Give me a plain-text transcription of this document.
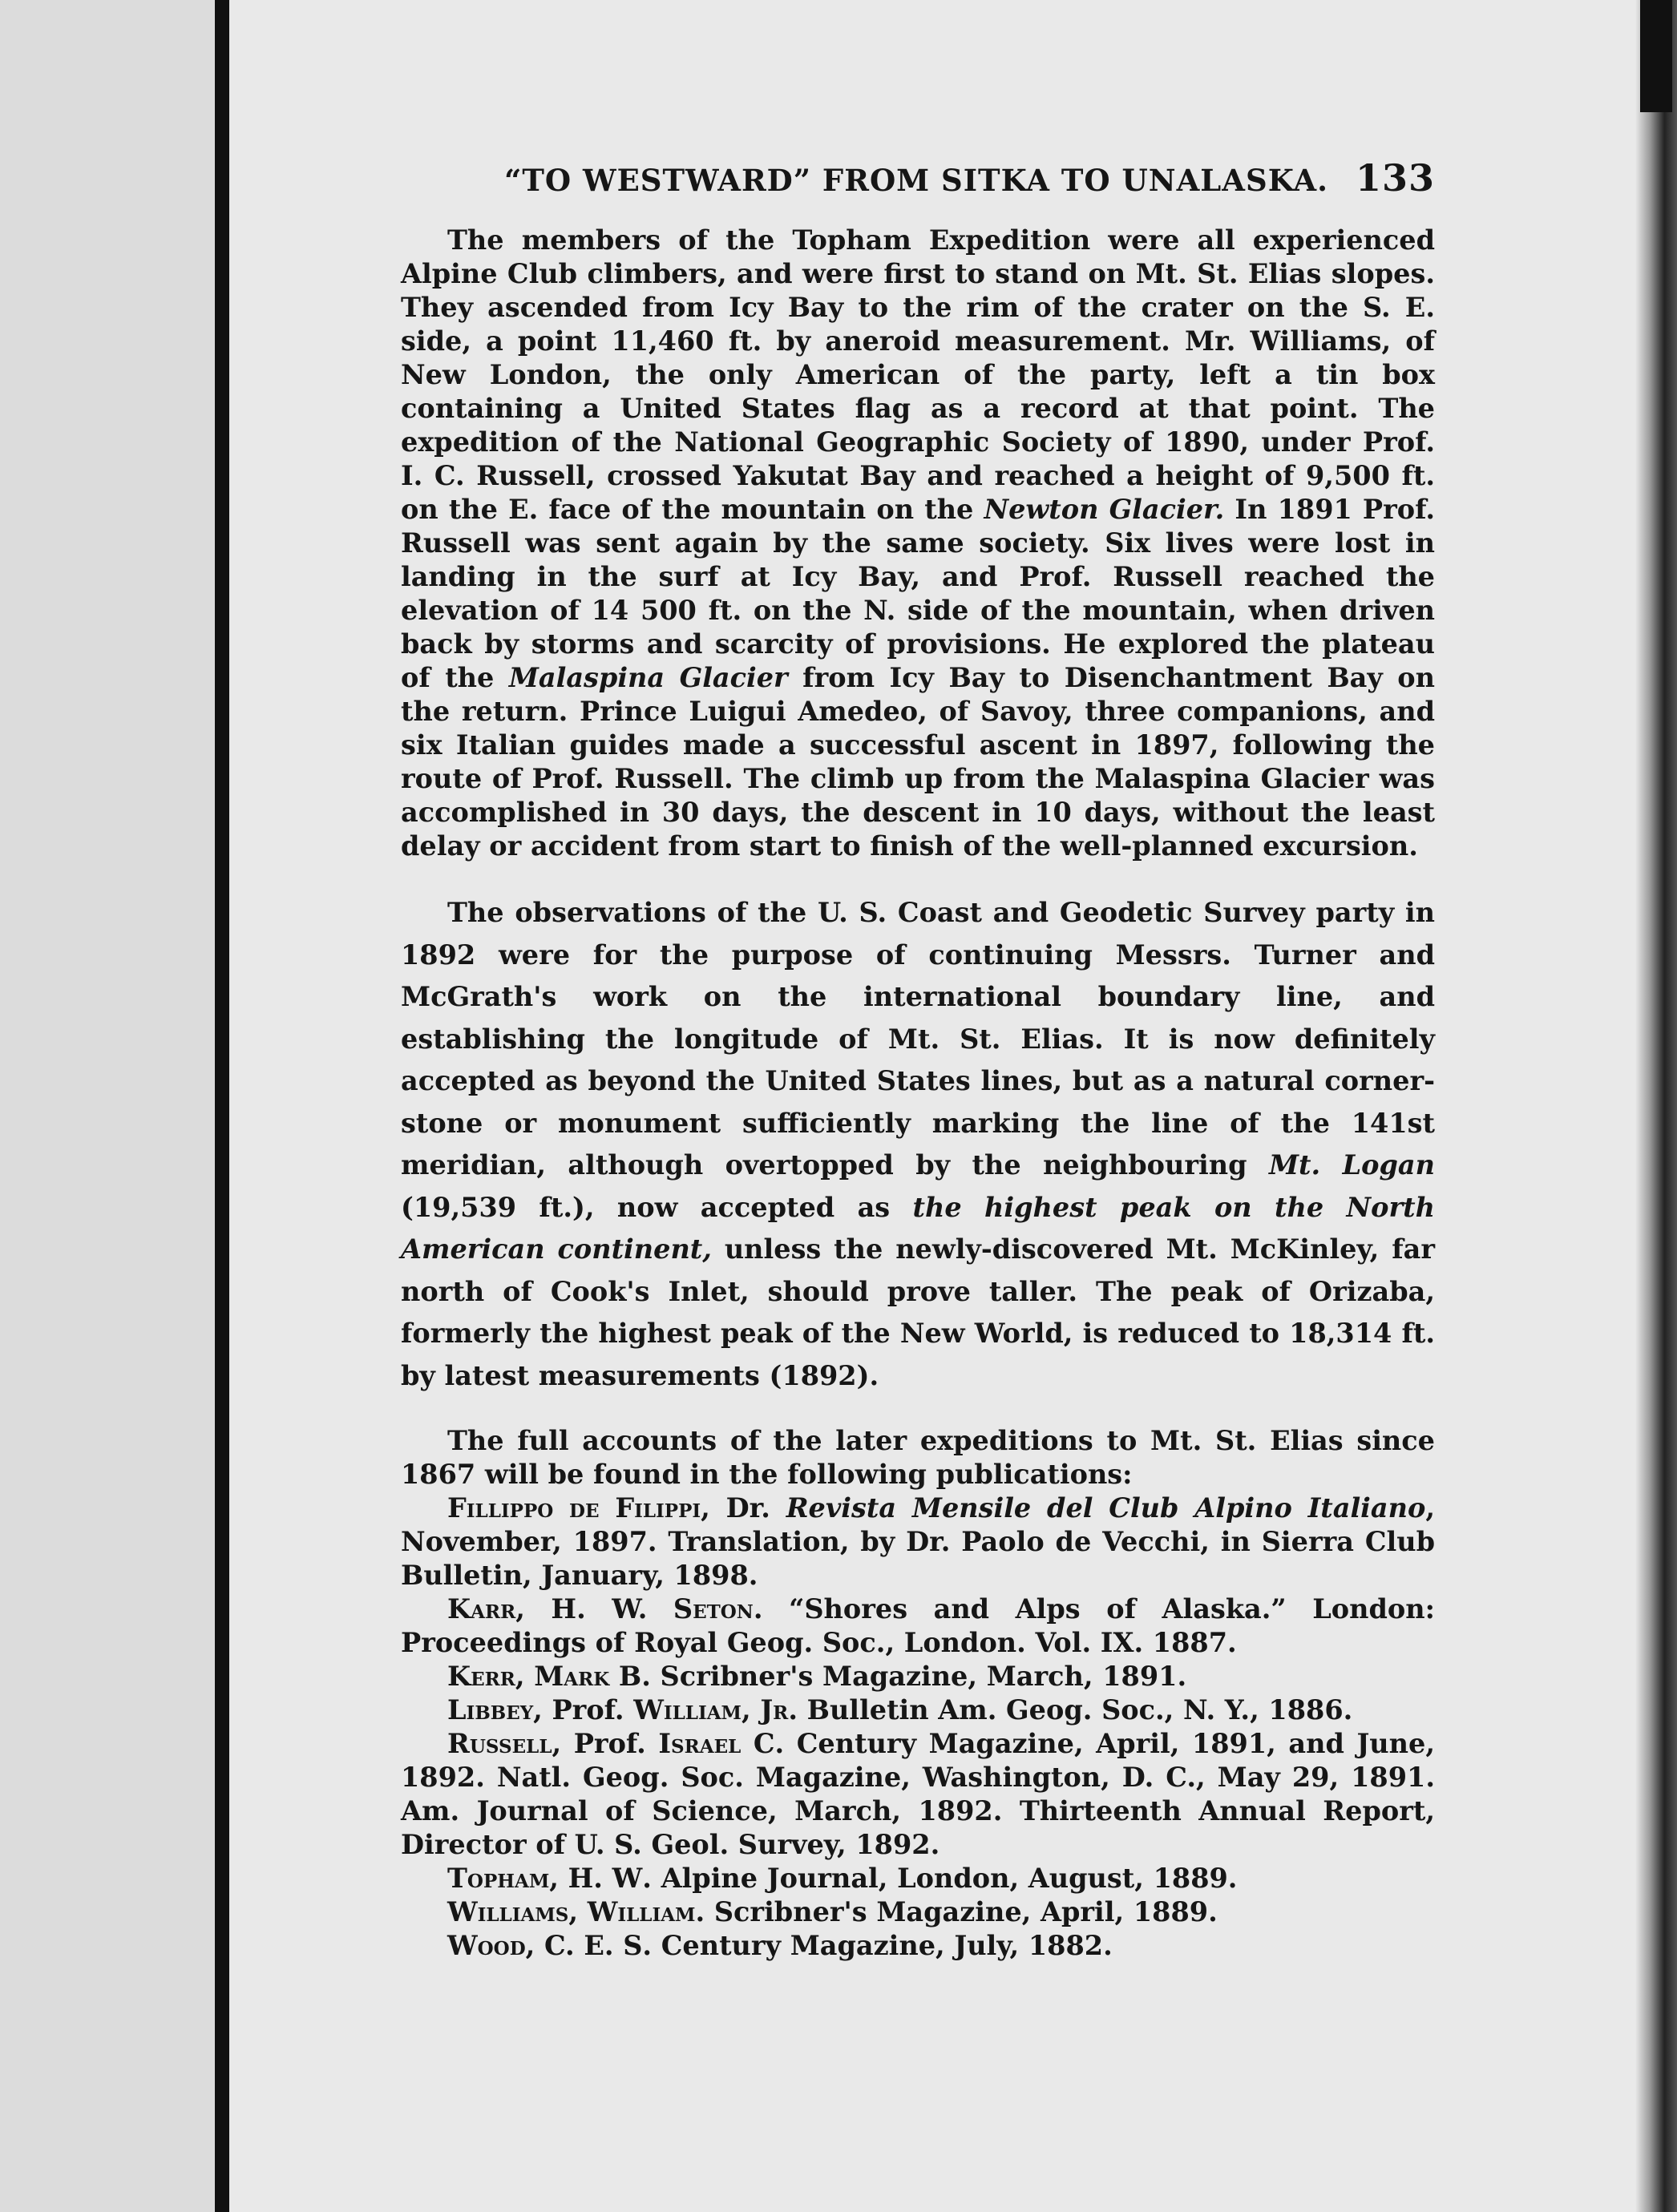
“TO WESTWARD” FROM SITKA TO UNALASKA. 133

The members of the Topham Expedition were all experienced Alpine Club climbers, and were first to stand on Mt. St. Elias slopes. They ascended from Icy Bay to the rim of the crater on the S. E. side, a point 11,460 ft. by aneroid measurement. Mr. Williams, of New London, the only American of the party, left a tin box containing a United States flag as a record at that point. The expedition of the National Geographic Society of 1890, under Prof. I. C. Russell, crossed Yakutat Bay and reached a height of 9,500 ft. on the E. face of the mountain on the Newton Glacier. In 1891 Prof. Russell was sent again by the same society. Six lives were lost in landing in the surf at Icy Bay, and Prof. Russell reached the elevation of 14 500 ft. on the N. side of the mountain, when driven back by storms and scarcity of provisions. He explored the plateau of the Malaspina Glacier from Icy Bay to Disenchantment Bay on the return. Prince Luigui Amedeo, of Savoy, three companions, and six Italian guides made a successful ascent in 1897, following the route of Prof. Russell. The climb up from the Malaspina Glacier was accomplished in 30 days, the descent in 10 days, without the least delay or accident from start to finish of the well-planned excursion.

The observations of the U. S. Coast and Geodetic Survey party in 1892 were for the purpose of continuing Messrs. Turner and McGrath's work on the international boundary line, and establishing the longitude of Mt. St. Elias. It is now definitely accepted as beyond the United States lines, but as a natural corner-stone or monument sufficiently marking the line of the 141st meridian, although overtopped by the neighbouring Mt. Logan (19,539 ft.), now accepted as the highest peak on the North American continent, unless the newly-discovered Mt. McKinley, far north of Cook's Inlet, should prove taller. The peak of Orizaba, formerly the highest peak of the New World, is reduced to 18,314 ft. by latest measurements (1892).

The full accounts of the later expeditions to Mt. St. Elias since 1867 will be found in the following publications:

Fillippo de Filippi, Dr. Revista Mensile del Club Alpino Italiano, November, 1897. Translation, by Dr. Paolo de Vecchi, in Sierra Club Bulletin, January, 1898.
Karr, H. W. Seton. “Shores and Alps of Alaska.” London: Proceedings of Royal Geog. Soc., London. Vol. IX. 1887.
Kerr, Mark B. Scribner's Magazine, March, 1891.
Libbey, Prof. William, Jr. Bulletin Am. Geog. Soc., N. Y., 1886.
Russell, Prof. Israel C. Century Magazine, April, 1891, and June, 1892. Natl. Geog. Soc. Magazine, Washington, D. C., May 29, 1891. Am. Journal of Science, March, 1892. Thirteenth Annual Report, Director of U. S. Geol. Survey, 1892.
Topham, H. W. Alpine Journal, London, August, 1889.
Williams, William. Scribner's Magazine, April, 1889.
Wood, C. E. S. Century Magazine, July, 1882.
